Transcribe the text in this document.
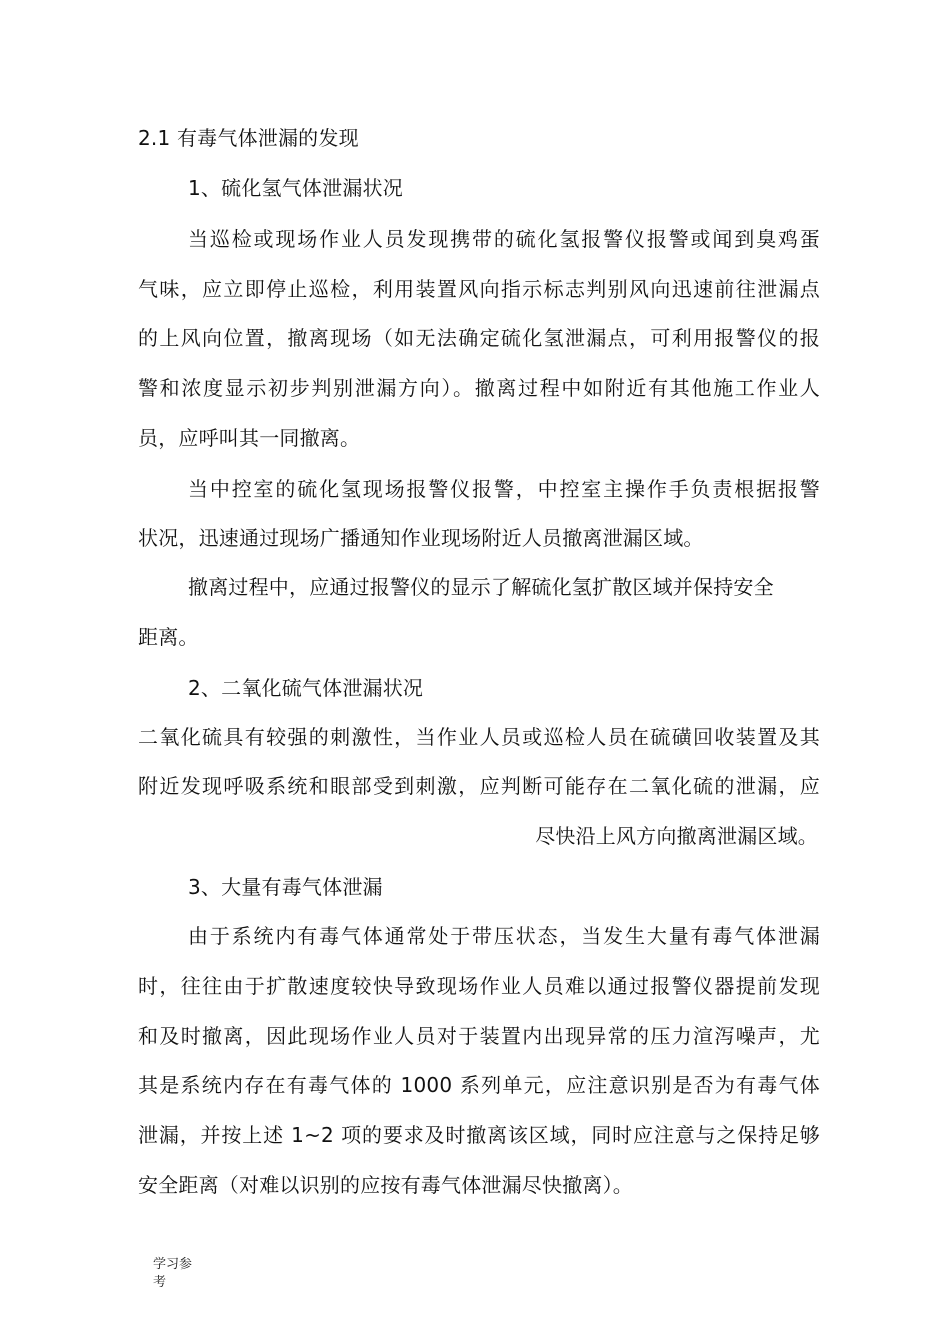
2.1 有毒气体泄漏的发现
1、硫化氢气体泄漏状况
当巡检或现场作业人员发现携带的硫化氢报警仪报警或闻到臭鸡蛋
气味，应立即停止巡检，利用装置风向指示标志判别风向迅速前往泄漏点
的上风向位置，撤离现场（如无法确定硫化氢泄漏点，可利用报警仪的报
警和浓度显示初步判别泄漏方向）。撤离过程中如附近有其他施工作业人
员，应呼叫其一同撤离。
当中控室的硫化氢现场报警仪报警，中控室主操作手负责根据报警
状况，迅速通过现场广播通知作业现场附近人员撤离泄漏区域。
撤离过程中，应通过报警仪的显示了解硫化氢扩散区域并保持安全
距离。
2、二氧化硫气体泄漏状况
二氧化硫具有较强的刺激性，当作业人员或巡检人员在硫磺回收装置及其
附近发现呼吸系统和眼部受到刺激，应判断可能存在二氧化硫的泄漏，应
尽快沿上风方向撤离泄漏区域。
3、大量有毒气体泄漏
由于系统内有毒气体通常处于带压状态，当发生大量有毒气体泄漏
时，往往由于扩散速度较快导致现场作业人员难以通过报警仪器提前发现
和及时撤离，因此现场作业人员对于装置内出现异常的压力渲泻噪声，尤
其是系统内存在有毒气体的 1000 系列单元，应注意识别是否为有毒气体
泄漏，并按上述 1~2 项的要求及时撤离该区域，同时应注意与之保持足够
安全距离（对难以识别的应按有毒气体泄漏尽快撤离）。
学习参考
